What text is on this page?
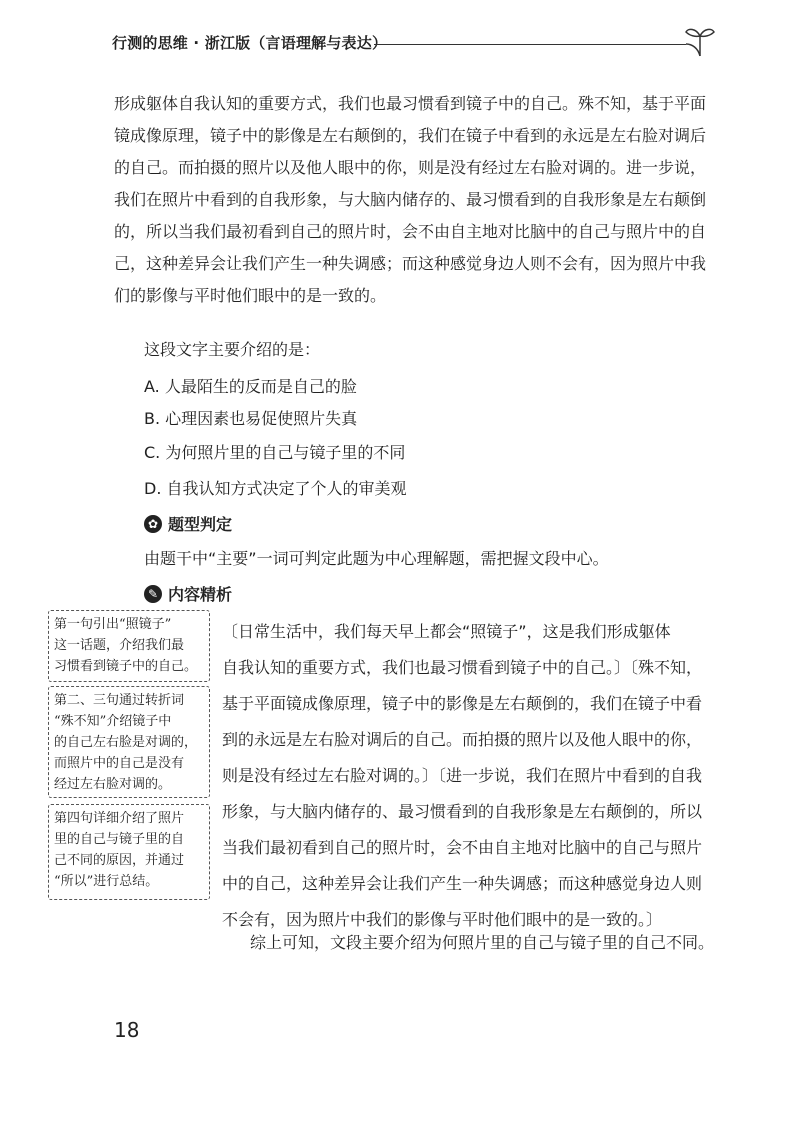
行测的思维 · 浙江版（言语理解与表达）
形成躯体自我认知的重要方式，我们也最习惯看到镜子中的自己。殊不知，基于平面
镜成像原理，镜子中的影像是左右颠倒的，我们在镜子中看到的永远是左右脸对调后
的自己。而拍摄的照片以及他人眼中的你，则是没有经过左右脸对调的。进一步说，
我们在照片中看到的自我形象，与大脑内储存的、最习惯看到的自我形象是左右颠倒
的，所以当我们最初看到自己的照片时，会不由自主地对比脑中的自己与照片中的自
己，这种差异会让我们产生一种失调感；而这种感觉身边人则不会有，因为照片中我
们的影像与平时他们眼中的是一致的。
这段文字主要介绍的是：
A. 人最陌生的反而是自己的脸
B. 心理因素也易促使照片失真
C. 为何照片里的自己与镜子里的不同
D. 自我认知方式决定了个人的审美观
✿ 题型判定
由题干中“主要”一词可判定此题为中心理解题，需把握文段中心。
✎ 内容精析
第一句引出“照镜子”
这一话题，介绍我们最
习惯看到镜子中的自己。
第二、三句通过转折词
“殊不知”介绍镜子中
的自己左右脸是对调的，
而照片中的自己是没有
经过左右脸对调的。
第四句详细介绍了照片
里的自己与镜子里的自
己不同的原因，并通过
“所以”进行总结。
〔日常生活中，我们每天早上都会“照镜子”，这是我们形成躯体
自我认知的重要方式，我们也最习惯看到镜子中的自己。〕〔殊不知，
基于平面镜成像原理，镜子中的影像是左右颠倒的，我们在镜子中看
到的永远是左右脸对调后的自己。而拍摄的照片以及他人眼中的你，
则是没有经过左右脸对调的。〕〔进一步说，我们在照片中看到的自我
形象，与大脑内储存的、最习惯看到的自我形象是左右颠倒的，所以
当我们最初看到自己的照片时，会不由自主地对比脑中的自己与照片
中的自己，这种差异会让我们产生一种失调感；而这种感觉身边人则
不会有，因为照片中我们的影像与平时他们眼中的是一致的。〕
综上可知，文段主要介绍为何照片里的自己与镜子里的自己不同。
18
